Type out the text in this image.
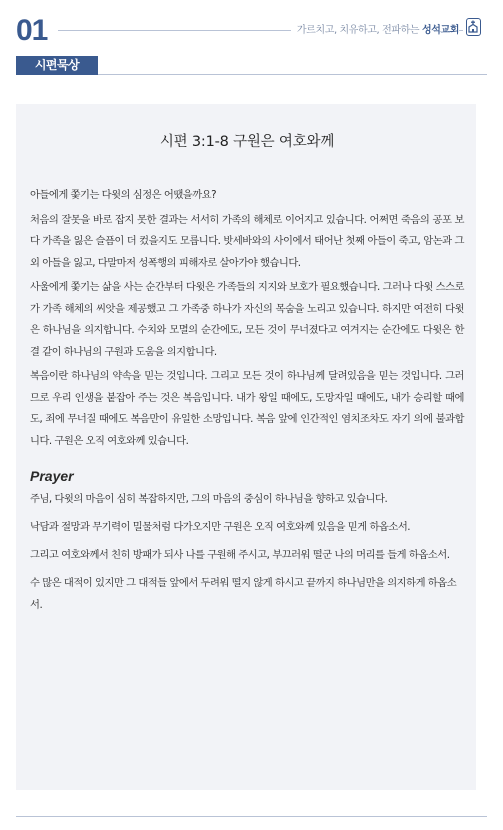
01	가르치고, 치유하고, 전파하는 성석교회
시편묵상
시편 3:1-8 구원은 여호와께

아들에게 쫓기는 다윗의 심정은 어땠을까요?

처음의 잘못을 바로 잡지 못한 결과는 서서히 가족의 해체로 이어지고 있습니다. 어쩌면 죽음의 공포 보다 가족을 잃은 슬픔이 더 컸을지도 모릅니다. 밧세바와의 사이에서 태어난 첫째 아들이 죽고, 암논과 그 외 아들을 잃고, 다말마저 성폭행의 피해자로 살아가야 했습니다.

사울에게 쫓기는 삶을 사는 순간부터 다윗은 가족들의 지지와 보호가 필요했습니다. 그러나 다윗 스스로가 가족 해체의 씨앗을 제공했고 그 가족중 하나가 자신의 목숨을 노리고 있습니다. 하지만 여전히 다윗은 하나님을 의지합니다. 수치와 모멸의 순간에도, 모든 것이 무너졌다고 여겨지는 순간에도 다윗은 한결 같이 하나님의 구원과 도움을 의지합니다.

복음이란 하나님의 약속을 믿는 것입니다. 그리고 모든 것이 하나님께 달려있음을 믿는 것입니다. 그러므로 우리 인생을 붙잡아 주는 것은 복음입니다. 내가 왕일 때에도, 도망자일 때에도, 내가 승리할 때에도, 죄에 무너질 때에도 복음만이 유일한 소망입니다. 복음 앞에 인간적인 염치조차도 자기 의에 불과합니다. 구원은 오직 여호와께 있습니다.

Prayer

주님, 다윗의 마음이 심히 복잡하지만, 그의 마음의 중심이 하나님을 향하고 있습니다.

낙담과 절망과 무기력이 밀물처럼 다가오지만 구원은 오직 여호와께 있음을 믿게 하옵소서.

그리고 여호와께서 친히 방패가 되사 나를 구원해 주시고, 부끄러워 떨군 나의 머리를 들게 하옵소서.

수 많은 대적이 있지만 그 대적들 앞에서 두려워 떨지 않게 하시고 끝까지 하나님만을 의지하게 하옵소서.
